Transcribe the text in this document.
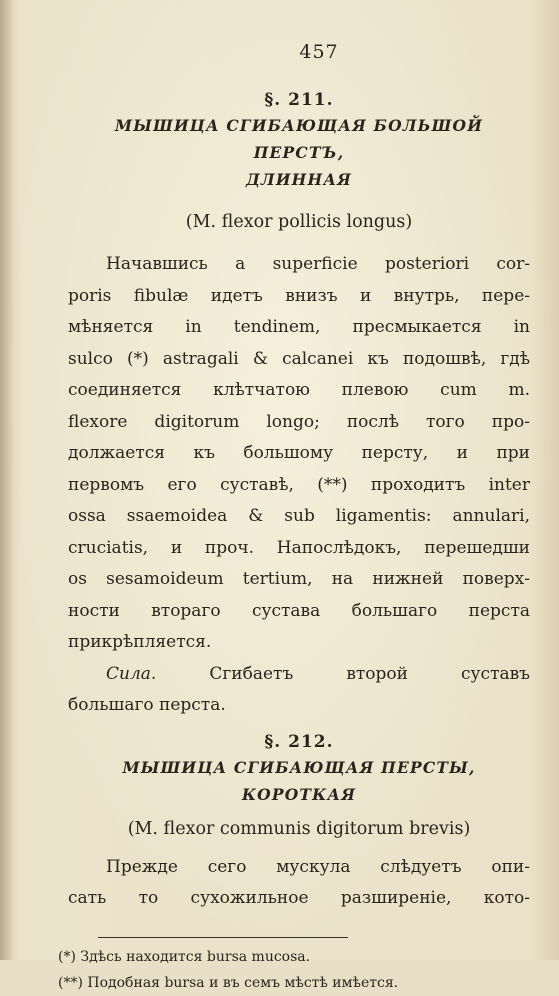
457
§. 211.
МЫШИЦА СГИБАЮЩАЯ БОЛЬШОЙ ПЕРСТЪ,
ДЛИННАЯ
(M. flexor pollicis longus)
Начавшись a superficie posteriori cor-
poris fibulæ идетъ внизъ и внутрь, пере-
мѣняется in tendinem, пресмыкается in
sulco (*) astragali & calcanei къ подошвѣ, гдѣ
соединяется клѣтчатою плевою cum m.
flexore digitorum longo; послѣ того про-
должается къ большому персту, и при
первомъ его суставѣ, (**) проходитъ inter
ossa ssaemoidea & sub ligamentis: annulari,
cruciatis, и проч. Напослѣдокъ, перешедши
os sesamoideum tertium, на нижней поверх-
ности втораго сустава большаго перста
прикрѣпляется.
Сила.	Сгибаетъ второй суставъ
большаго перста.
§. 212.
МЫШИЦА СГИБАЮЩАЯ ПЕРСТЫ, КОРОТКАЯ
(M. flexor communis digitorum brevis)
Прежде сего мускула слѣдуетъ опи-
сать то сухожильное разширеніе, кото-
(*) Здѣсь находится bursa mucosa.
(**) Подобная bursa и въ семъ мѣстѣ имѣется.
